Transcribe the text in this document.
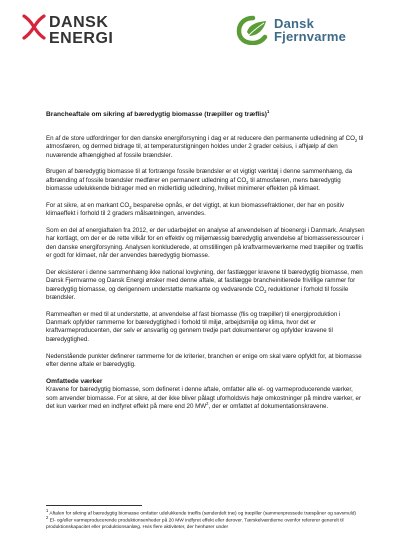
DANSK
ENERGI
Dansk
Fjernvarme

Brancheaftale om sikring af bæredygtig biomasse (træpiller og træflis)$^1$

En af de store udfordringer for den danske energiforsyning i dag er at reducere den permanente udledning af $CO_2$ til atmosfæren, og dermed bidrage til, at temperaturstigningen holdes under 2 grader celsius, i afhjælp af den nuværende afhængighed af fossile brændsler.

Brugen af bæredygtig biomasse til at fortrænge fossile brændsler er et vigtigt værktøj i denne sammenhæng, da afbrænding af fossile brændsler medfører en permanent udledning af $CO_2$ til atmosfæren, mens bæredygtig biomasse udelukkende bidrager med en midlertidig udledning, hvilket minimerer effekten på klimaet.

For at sikre, at en markant $CO_2$ besparelse opnås, er det vigtigt, at kun biomassefraktioner, der har en positiv klimaeffekt i forhold til 2 graders målsætningen, anvendes.

Som en del af energiaftalen fra 2012, er der udarbejdet en analyse af anvendelsen af bioenergi i Danmark. Analysen har kortlagt, om der er de rette vilkår for en effektiv og miljømæssig bæredygtig anvendelse af biomasseressourcer i den danske energiforsyning. Analysen konkluderede, at omstillingen på kraftvarmeværkerne med træpiller og træflis er godt for klimaet, når der anvendes bæredygtig biomasse.

Der eksisterer i denne sammenhæng ikke national lovgivning, der fastlægger kravene til bæredygtig biomasse, men Dansk Fjernvarme og Dansk Energi ønsker med denne aftale, at fastlægge brancheinitierede frivillige rammer for bæredygtig biomasse, og derigennem understøtte markante og vedvarende $CO_2$ reduktioner i forhold til fossile brændsler.

Rammeaften er med til at understøtte, at anvendelse af fast biomasse (flis og træpiller) til energiproduktion i Danmark opfylder rammerne for bæredygtighed i forhold til miljø, arbejdsmiljø og klima, hvor det er kraftvarmeproducenten, der selv er ansvarlig og gennem tredje part dokumenterer og opfylder kravene til bæredygtighed.

Nedenstående punkter definerer rammerne for de kriterier, branchen er enige om skal være opfyldt for, at biomasse efter denne aftale er bæredygtig.

Omfattede værker

Kravene for bæredygtig biomasse, som defineret i denne aftale, omfatter alle el- og varmeproducerende værker, som anvender biomasse. For at sikre, at der ikke bliver pålagt uforholdsvis høje omkostninger på mindre værker, er det kun værker med en indfyret effekt på mere end 20 $MW^2$, der er omfattet af dokumentationskravene.

$^1$ Aftalen for sikring af bæredygtig biomasse omfatter udelukkende træflis (sønderdelt træ) og træpiller (sammenpressede træspåner og savsmuld)

$^2$ El- og/eller varmeproducerende produktionsenheder på 20 MW indfyret effekt eller derover. Tærskelværdierne ovenfor refererer generelt til produktionskapacitet eller produktionsanlæg. Hvis flere aktiviteter, der henhører under
